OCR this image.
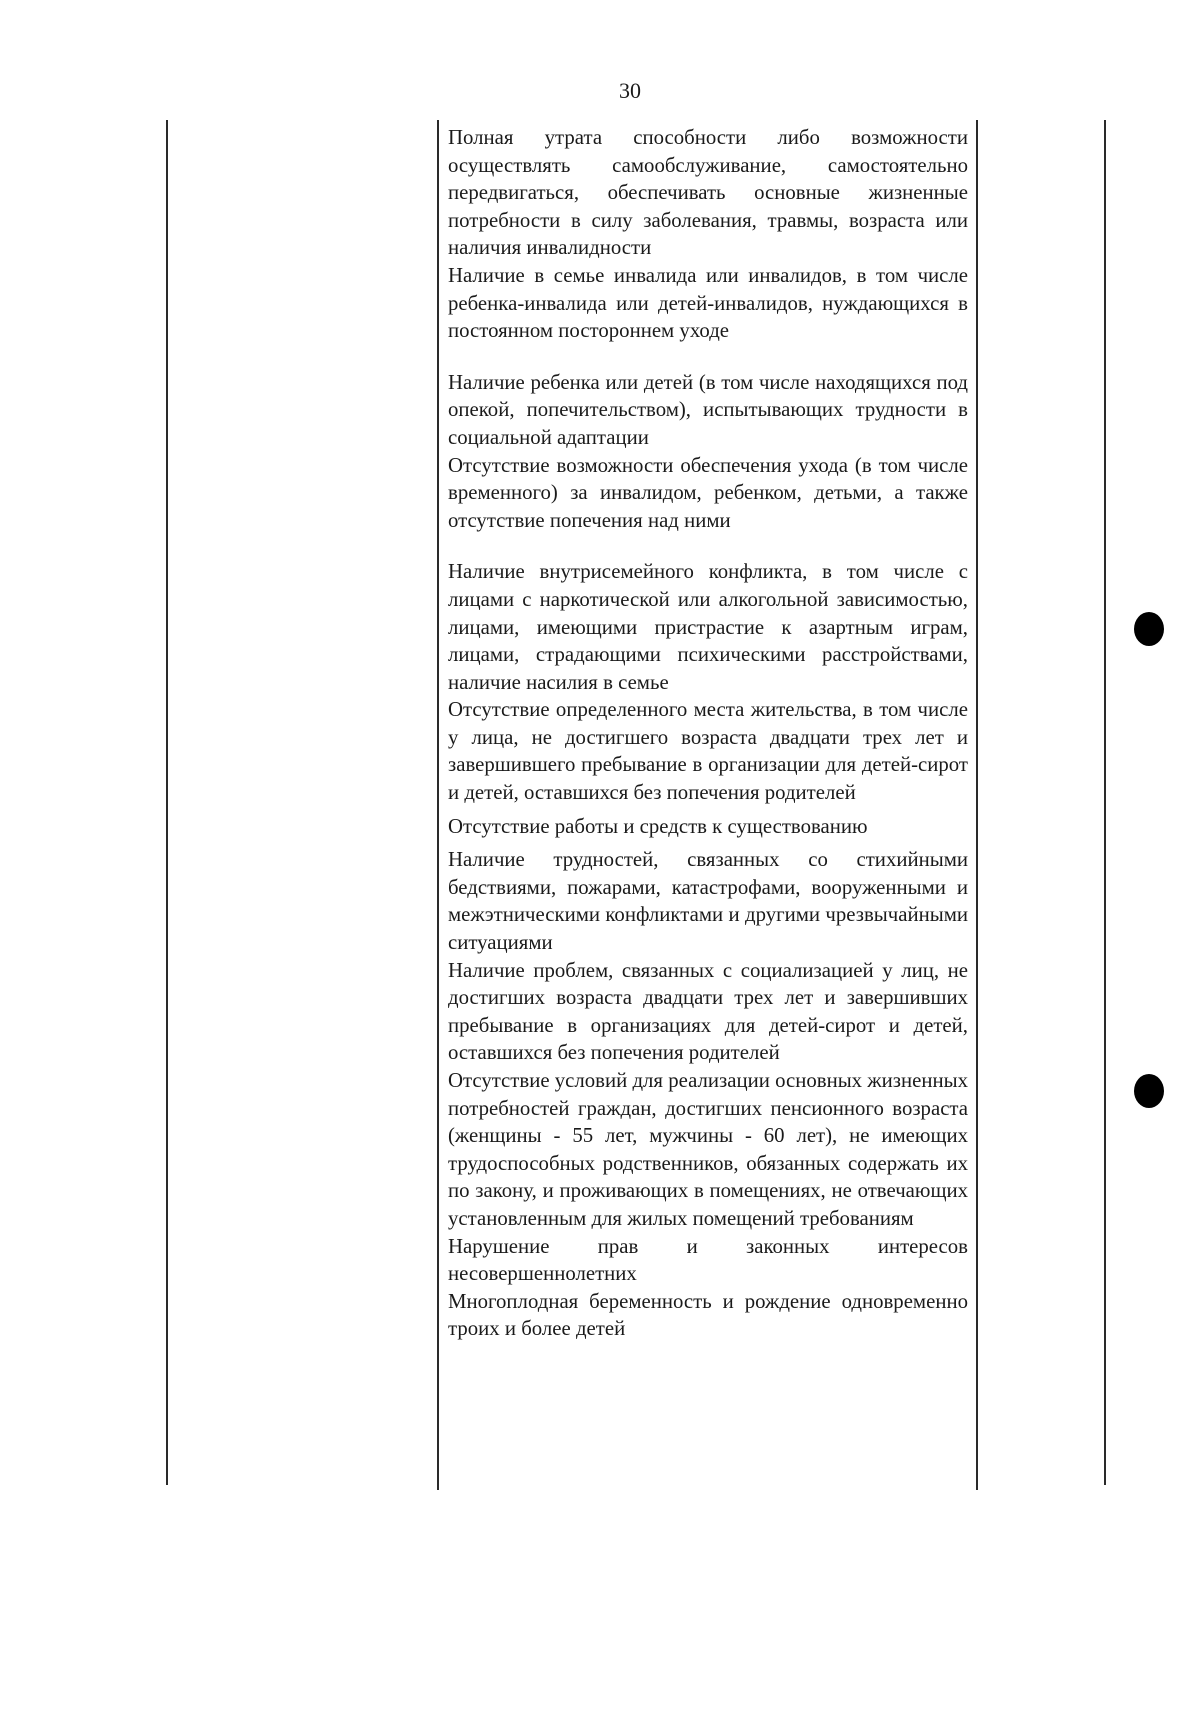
30

Полная утрата способности либо возможности осуществлять самообслуживание, самостоятельно передвигаться, обеспечивать основные жизненные потребности в силу заболевания, травмы, возраста или наличия инвалидности

Наличие в семье инвалида или инвалидов, в том числе ребенка-инвалида или детей-инвалидов, нуждающихся в постоянном постороннем уходе

Наличие ребенка или детей (в том числе находящихся под опекой, попечительством), испытывающих трудности в социальной адаптации

Отсутствие возможности обеспечения ухода (в том числе временного) за инвалидом, ребенком, детьми, а также отсутствие попечения над ними

Наличие внутрисемейного конфликта, в том числе с лицами с наркотической или алкогольной зависимостью, лицами, имеющими пристрастие к азартным играм, лицами, страдающими психическими расстройствами, наличие насилия в семье

Отсутствие определенного места жительства, в том числе у лица, не достигшего возраста двадцати трех лет и завершившего пребывание в организации для детей-сирот и детей, оставшихся без попечения родителей

Отсутствие работы и средств к существованию

Наличие трудностей, связанных со стихийными бедствиями, пожарами, катастрофами, вооруженными и межэтническими конфликтами и другими чрезвычайными ситуациями

Наличие проблем, связанных с социализацией у лиц, не достигших возраста двадцати трех лет и завершивших пребывание в организациях для детей-сирот и детей, оставшихся без попечения родителей

Отсутствие условий для реализации основных жизненных потребностей граждан, достигших пенсионного возраста (женщины - 55 лет, мужчины - 60 лет), не имеющих трудоспособных родственников, обязанных содержать их по закону, и проживающих в помещениях, не отвечающих установленным для жилых помещений требованиям

Нарушение прав и законных интересов несовершеннолетних

Многоплодная беременность и рождение одновременно троих и более детей
